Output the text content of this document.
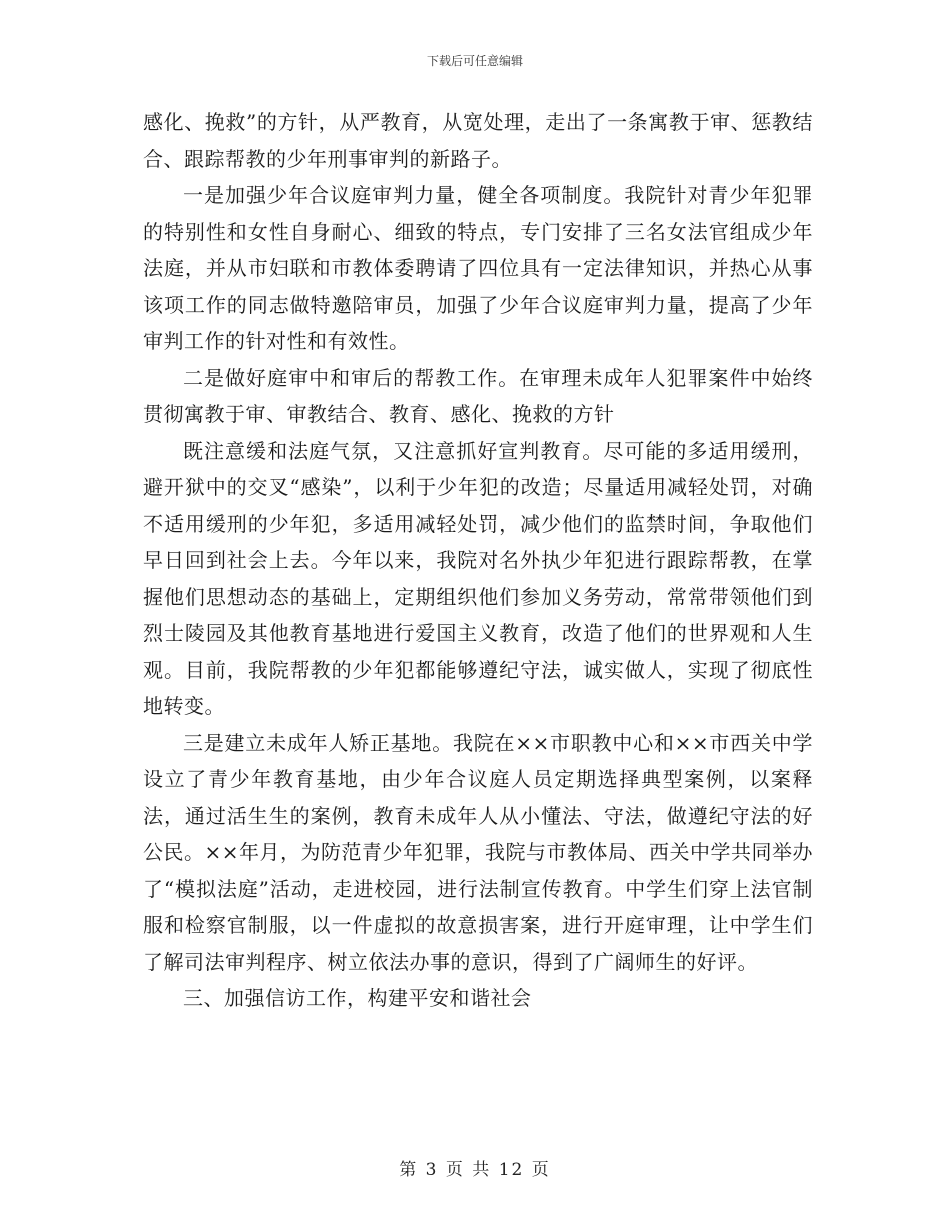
下载后可任意编辑

感化、挽救”的方针，从严教育，从宽处理，走出了一条寓教于审、惩教结合、跟踪帮教的少年刑事审判的新路子。

一是加强少年合议庭审判力量，健全各项制度。我院针对青少年犯罪的特别性和女性自身耐心、细致的特点，专门安排了三名女法官组成少年法庭，并从市妇联和市教体委聘请了四位具有一定法律知识，并热心从事该项工作的同志做特邀陪审员，加强了少年合议庭审判力量，提高了少年审判工作的针对性和有效性。

二是做好庭审中和审后的帮教工作。在审理未成年人犯罪案件中始终贯彻寓教于审、审教结合、教育、感化、挽救的方针

既注意缓和法庭气氛，又注意抓好宣判教育。尽可能的多适用缓刑，避开狱中的交叉“感染”，以利于少年犯的改造；尽量适用减轻处罚，对确不适用缓刑的少年犯，多适用减轻处罚，减少他们的监禁时间，争取他们早日回到社会上去。今年以来，我院对名外执少年犯进行跟踪帮教，在掌握他们思想动态的基础上，定期组织他们参加义务劳动，常常带领他们到烈士陵园及其他教育基地进行爱国主义教育，改造了他们的世界观和人生观。目前，我院帮教的少年犯都能够遵纪守法，诚实做人，实现了彻底性地转变。

三是建立未成年人矫正基地。我院在××市职教中心和××市西关中学设立了青少年教育基地，由少年合议庭人员定期选择典型案例，以案释法，通过活生生的案例，教育未成年人从小懂法、守法，做遵纪守法的好公民。××年月，为防范青少年犯罪，我院与市教体局、西关中学共同举办了“模拟法庭”活动，走进校园，进行法制宣传教育。中学生们穿上法官制服和检察官制服，以一件虚拟的故意损害案，进行开庭审理，让中学生们了解司法审判程序、树立依法办事的意识，得到了广阔师生的好评。

三、加强信访工作，构建平安和谐社会

第 3 页 共 12 页
